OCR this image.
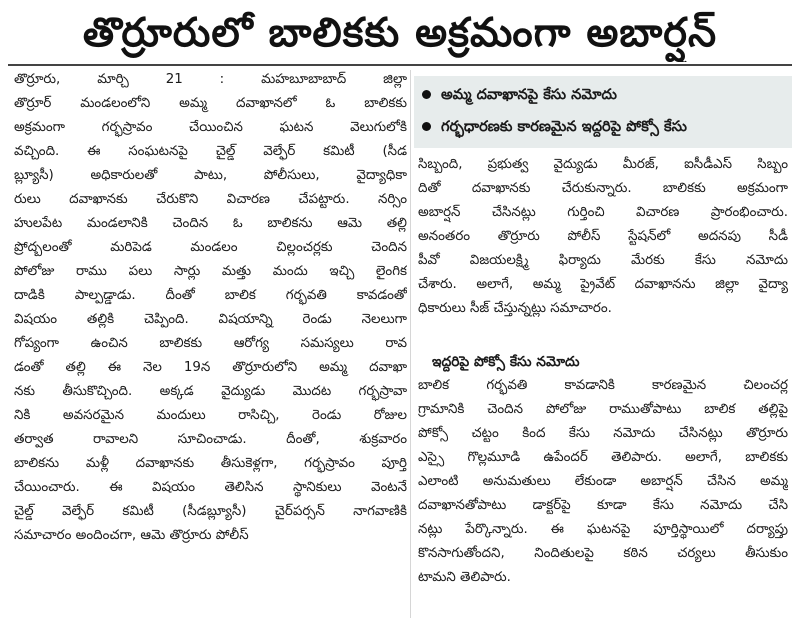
తొర్రూరులో బాలికకు అక్రమంగా అబార్షన్
తొర్రూరు, మార్చి 21 : మహబూబాబాద్ జిల్లా
తొర్రూర్ మండలంలోని అమ్మ దవాఖానలో ఓ బాలికకు
అక్రమంగా గర్భస్రావం చేయించిన ఘటన వెలుగులోకి
వచ్చింది. ఈ సంఘటనపై చైల్డ్ వెల్ఫేర్ కమిటీ (సీడ
బ్ల్యూసీ) అధికారులతో పాటు, పోలీసులు, వైద్యాధికా
రులు దవాఖానకు చేరుకొని విచారణ చేపట్టారు. నర్సిం
హులపేట మండలానికి చెందిన ఓ బాలికను ఆమె తల్లి
ప్రోద్బలంతో మరిపెడ మండలం చిల్లంచర్లకు చెందిన
పోలోజు రాము పలు సార్లు మత్తు మందు ఇచ్చి లైంగిక
దాడికి పాల్పడ్డాడు. దీంతో బాలిక గర్భవతి కావడంతో
విషయం తల్లికి చెప్పింది. విషయాన్ని రెండు నెలలుగా
గోప్యంగా ఉంచిన బాలికకు ఆరోగ్య సమస్యలు రావ
డంతో తల్లి ఈ నెల 19న తొర్రూరులోని అమ్మ దవాఖా
నకు తీసుకొచ్చింది. అక్కడ వైద్యుడు మొదట గర్భస్రావా
నికి అవసరమైన మందులు రాసిచ్చి, రెండు రోజుల
తర్వాత రావాలని సూచించాడు. దీంతో, శుక్రవారం
బాలికను మళ్లీ దవాఖానకు తీసుకెళ్లగా, గర్భస్రావం పూర్తి
చేయించారు. ఈ విషయం తెలిసిన స్థానికులు వెంటనే
చైల్డ్ వెల్ఫేర్ కమిటీ (సీడబ్ల్యూసీ) చైర్‌పర్సన్ నాగవాణికి
సమాచారం అందించగా, ఆమె తొర్రూరు పోలీస్
అమ్మ దవాఖానపై కేసు నమోదు
గర్భధారణకు కారణమైన ఇద్దరిపై పోక్సో కేసు
సిబ్బంది, ప్రభుత్వ వైద్యుడు మీరజ్, ఐసీడీఎస్ సిబ్బం
దితో దవాఖానకు చేరుకున్నారు. బాలికకు అక్రమంగా
అబార్షన్ చేసినట్లు గుర్తించి విచారణ ప్రారంభించారు.
అనంతరం తొర్రూరు పోలీస్ స్టేషన్‌లో అదనపు సీడీ
పీవో విజయలక్ష్మి ఫిర్యాదు మేరకు కేసు నమోదు
చేశారు. అలాగే, అమ్మ ప్రైవేట్ దవాఖానను జిల్లా వైద్యా
ధికారులు సీజ్ చేస్తున్నట్లు సమాచారం.
ఇద్దరిపై పోక్సో కేసు నమోదు
బాలిక గర్భవతి కావడానికి కారణమైన చిలంచర్ల
గ్రామానికి చెందిన పోలోజు రాముతోపాటు బాలిక తల్లిపై
పోక్సో చట్టం కింద కేసు నమోదు చేసినట్లు తొర్రూరు
ఎస్సై గొల్లమూడి ఉపేందర్ తెలిపారు. అలాగే, బాలికకు
ఎలాంటి అనుమతులు లేకుండా అబార్షన్ చేసిన అమ్మ
దవాఖానతోపాటు డాక్టర్‌పై కూడా కేసు నమోదు చేసి
నట్లు పేర్కొన్నారు. ఈ ఘటనపై పూర్తిస్థాయిలో దర్యాప్తు
కొనసాగుతోందని, నిందితులపై కఠిన చర్యలు తీసుకుం
టామని తెలిపారు.
